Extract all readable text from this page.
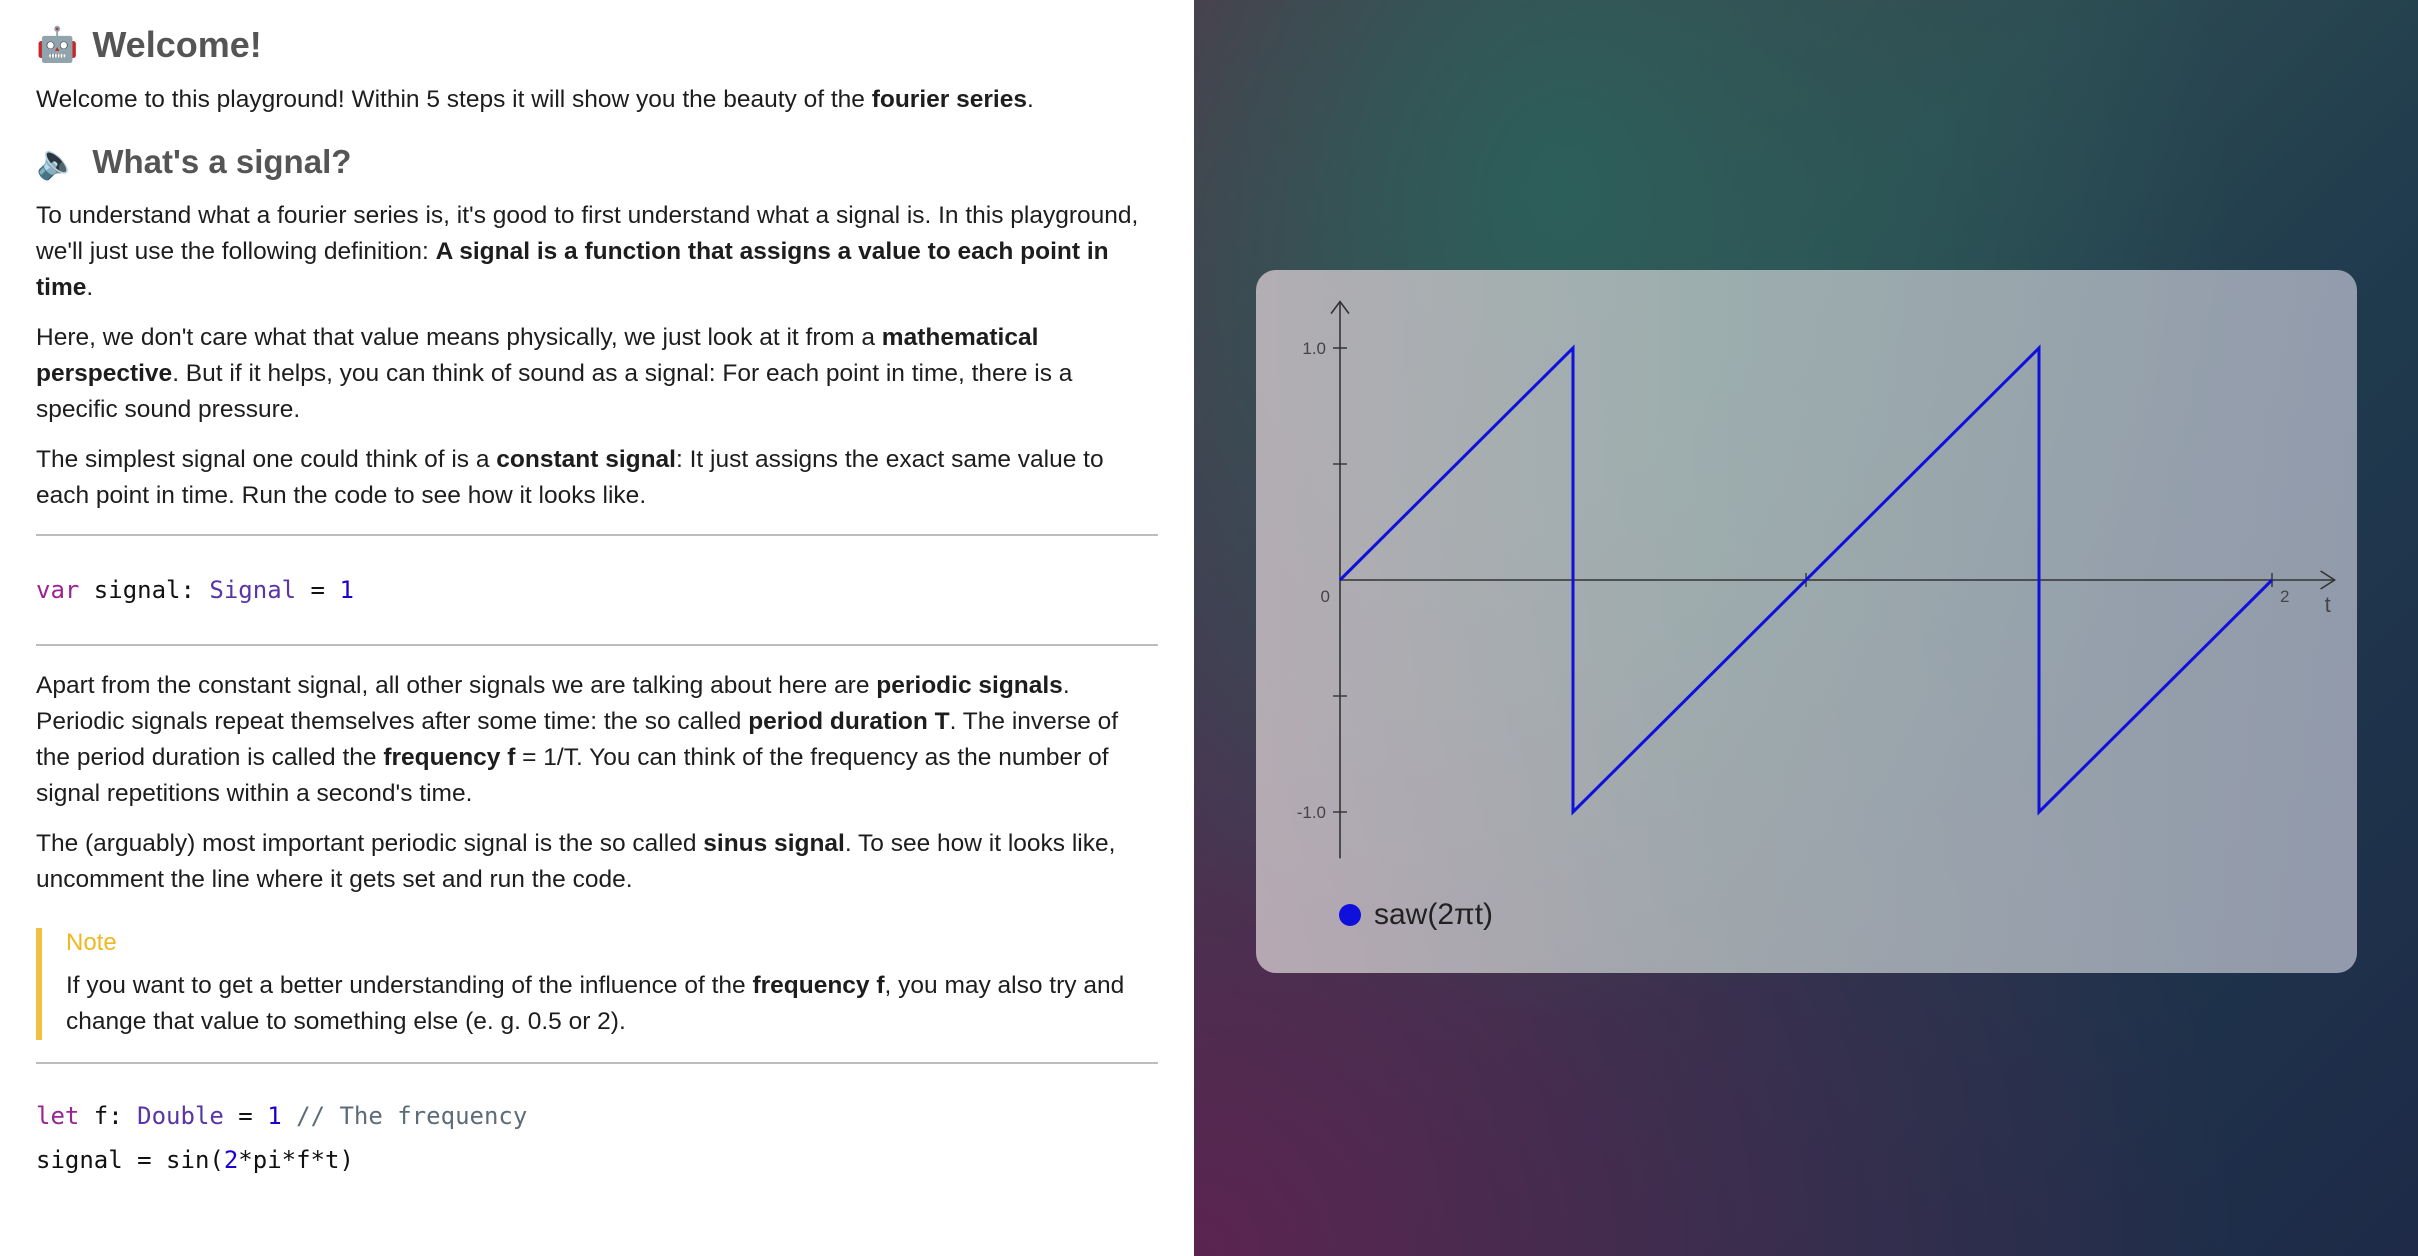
🤖 Welcome!

Welcome to this playground! Within 5 steps it will show you the beauty of the fourier series.

🔈 What's a signal?

To understand what a fourier series is, it's good to first understand what a signal is. In this playground, we'll just use the following definition: A signal is a function that assigns a value to each point in time.

Here, we don't care what that value means physically, we just look at it from a mathematical perspective. But if it helps, you can think of sound as a signal: For each point in time, there is a specific sound pressure.

The simplest signal one could think of is a constant signal: It just assigns the exact same value to each point in time. Run the code to see how it looks like.

var signal: Signal = 1

Apart from the constant signal, all other signals we are talking about here are periodic signals. Periodic signals repeat themselves after some time: the so called period duration T. The inverse of the period duration is called the frequency f = 1/T. You can think of the frequency as the number of signal repetitions within a second's time.

The (arguably) most important periodic signal is the so called sinus signal. To see how it looks like, uncomment the line where it gets set and run the code.

Note

If you want to get a better understanding of the influence of the frequency f, you may also try and change that value to something else (e. g. 0.5 or 2).

let f: Double = 1 // The frequency
signal = sin(2*pi*f*t)
1.0
-1.0
0	2 t
saw(2πt)
